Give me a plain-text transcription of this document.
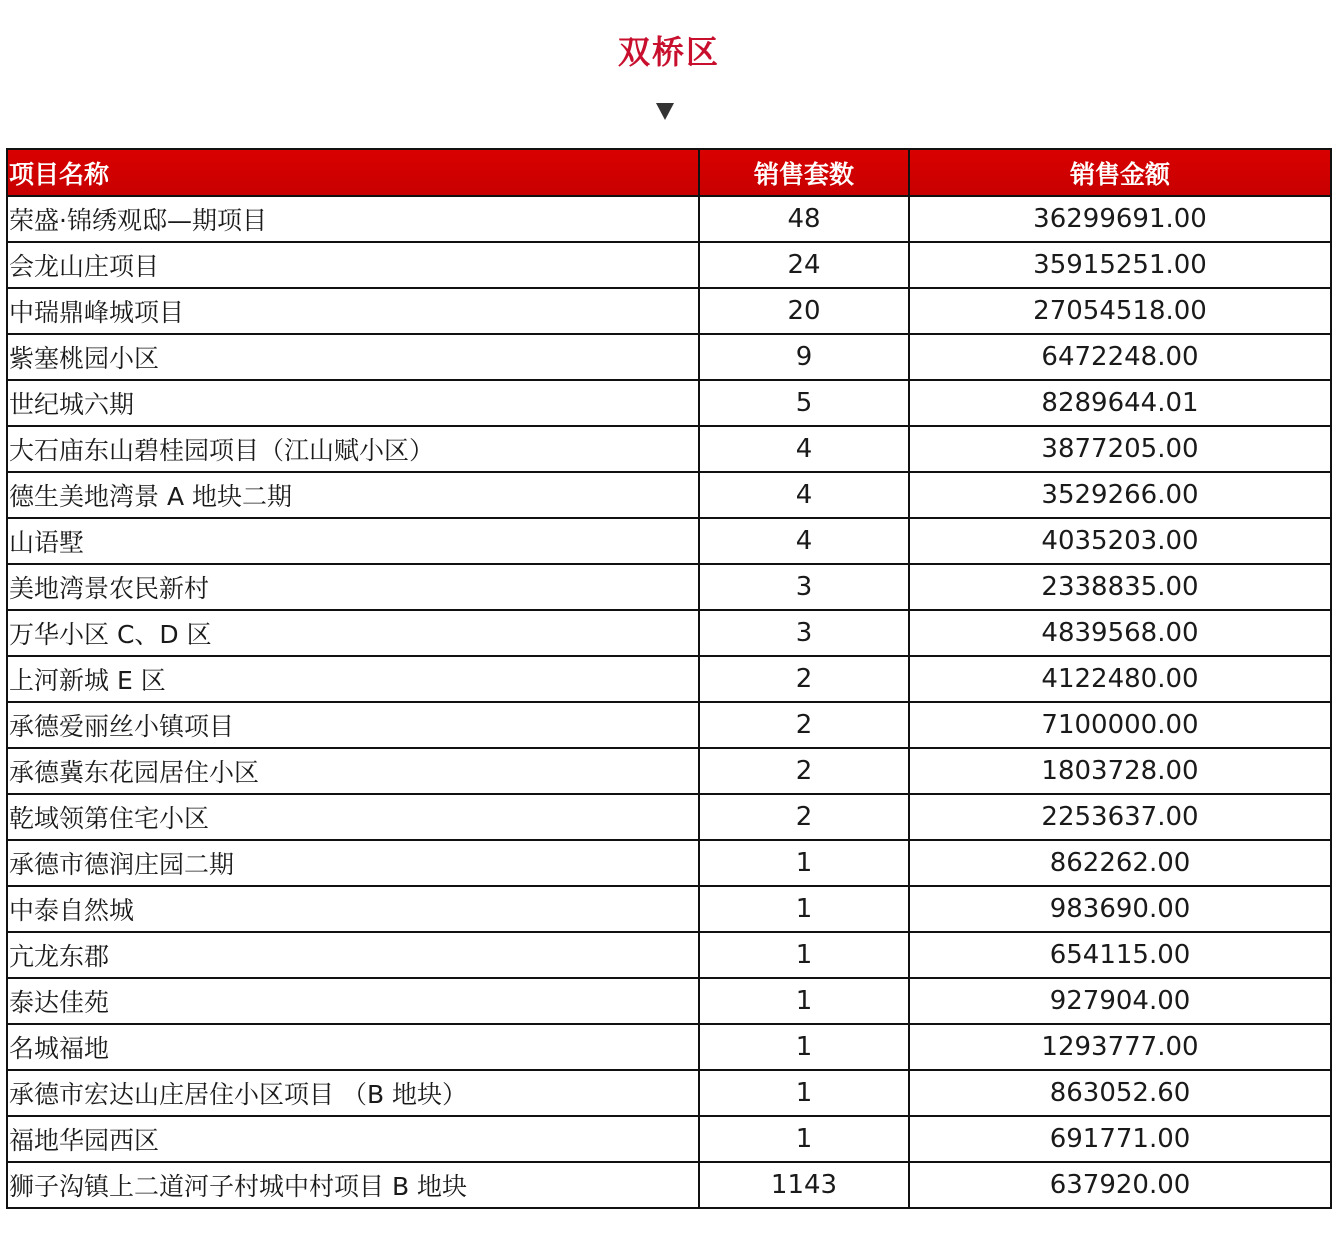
双桥区
项目名称	销售套数	销售金额
荣盛·锦绣观邸—期项目	48	36299691.00
会龙山庄项目	24	35915251.00
中瑞鼎峰城项目	20	27054518.00
紫塞桃园小区	9	6472248.00
世纪城六期	5	8289644.01
大石庙东山碧桂园项目（江山赋小区）	4	3877205.00
德生美地湾景 A 地块二期	4	3529266.00
山语墅	4	4035203.00
美地湾景农民新村	3	2338835.00
万华小区 C、D 区	3	4839568.00
上河新城 E 区	2	4122480.00
承德爱丽丝小镇项目	2	7100000.00
承德冀东花园居住小区	2	1803728.00
乾域领第住宅小区	2	2253637.00
承德市德润庄园二期	1	862262.00
中泰自然城	1	983690.00
亢龙东郡	1	654115.00
泰达佳苑	1	927904.00
名城福地	1	1293777.00
承德市宏达山庄居住小区项目 （B 地块）	1	863052.60
福地华园西区	1	691771.00
狮子沟镇上二道河子村城中村项目 B 地块	1143	637920.00
